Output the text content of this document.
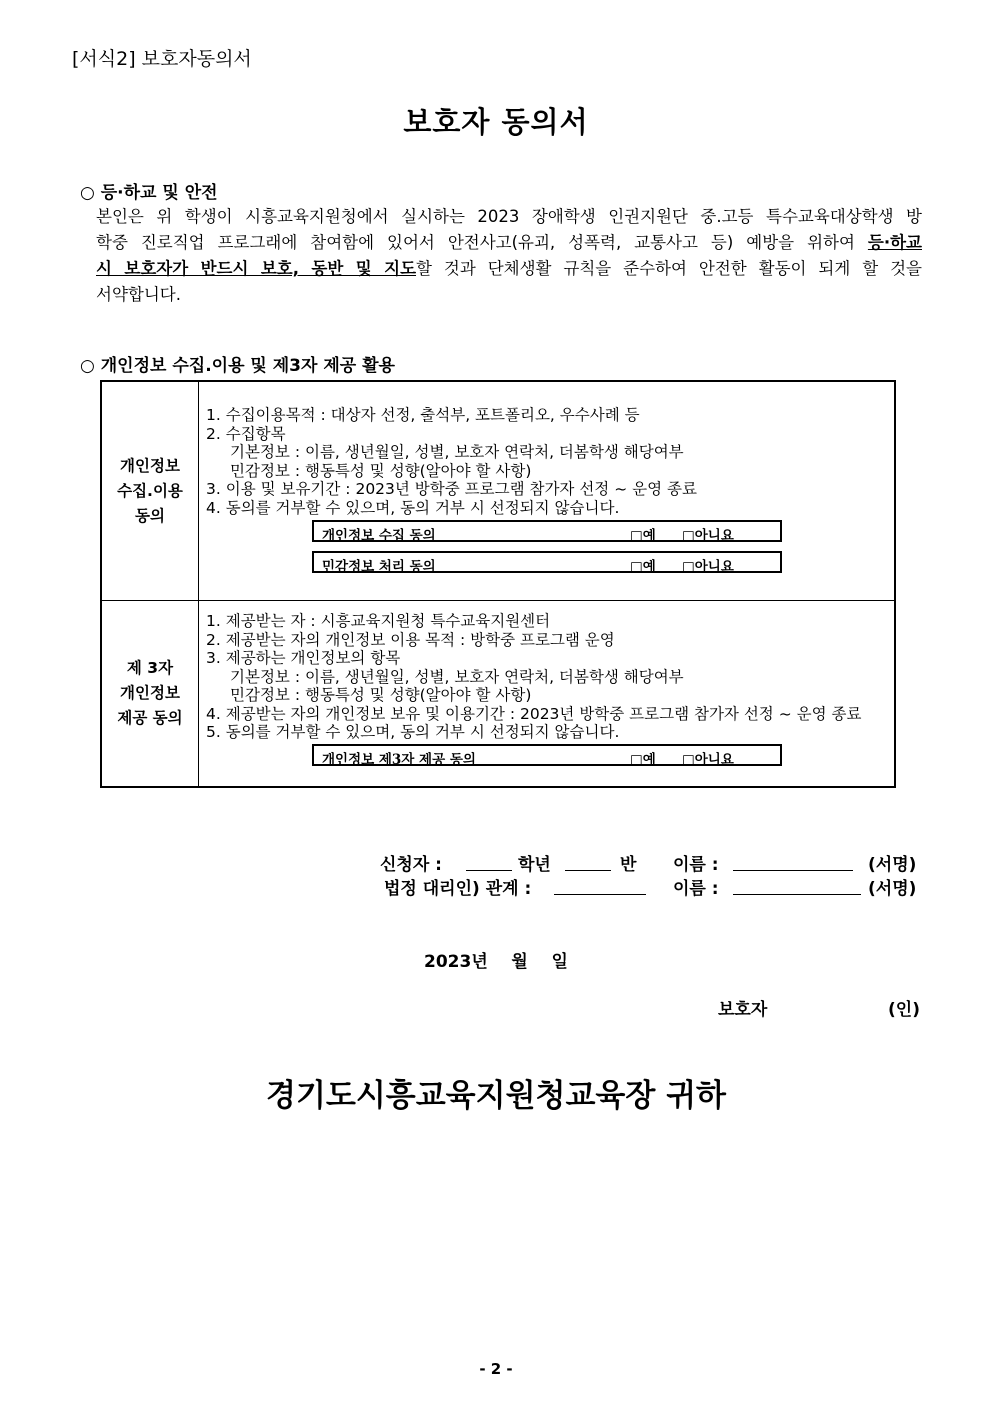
[서식2] 보호자동의서
보호자 동의서
○ 등·하교 및 안전
본인은 위 학생이 시흥교육지원청에서 실시하는 2023 장애학생 인권지원단 중.고등 특수교육대상학생 방
학중 진로직업 프로그래에 참여함에 있어서 안전사고(유괴, 성폭력, 교통사고 등) 예방을 위하여 등·하교
시 보호자가 반드시 보호, 동반 및 지도할 것과 단체생활 규칙을 준수하여 안전한 활동이 되게 할 것을
서약합니다.
○ 개인정보 수집.이용 및 제3자 제공 활용
개인정보
수집.이용
동의
1. 수집이용목적 : 대상자 선정, 출석부, 포트폴리오, 우수사례 등
2. 수집항목
기본정보 : 이름, 생년월일, 성별, 보호자 연락처, 더봄학생 해당여부
민감정보 : 행동특성 및 성향(알아야 할 사항)
3. 이용 및 보유기간 : 2023년 방학중 프로그램 참가자 선정 ~ 운영 종료
4. 동의를 거부할 수 있으며, 동의 거부 시 선정되지 않습니다.
개인정보 수집 동의	□예 □아니요
민감정보 처리 동의	□예 □아니요
제 3자
개인정보
제공 동의
1. 제공받는 자 : 시흥교육지원청 특수교육지원센터
2. 제공받는 자의 개인정보 이용 목적 : 방학중 프로그램 운영
3. 제공하는 개인정보의 항목
기본정보 : 이름, 생년월일, 성별, 보호자 연락처, 더봄학생 해당여부
민감정보 : 행동특성 및 성향(알아야 할 사항)
4. 제공받는 자의 개인정보 보유 및 이용기간 : 2023년 방학중 프로그램 참가자 선정 ~ 운영 종료
5. 동의를 거부할 수 있으며, 동의 거부 시 선정되지 않습니다.
개인정보 제3자 제공 동의	□예 □아니요
신청자 :	학년	반 이름 :	(서명)
법정 대리인) 관계 :	이름 :	(서명)
2023년    월    일
보호자	(인)
경기도시흥교육지원청교육장 귀하
- 2 -
